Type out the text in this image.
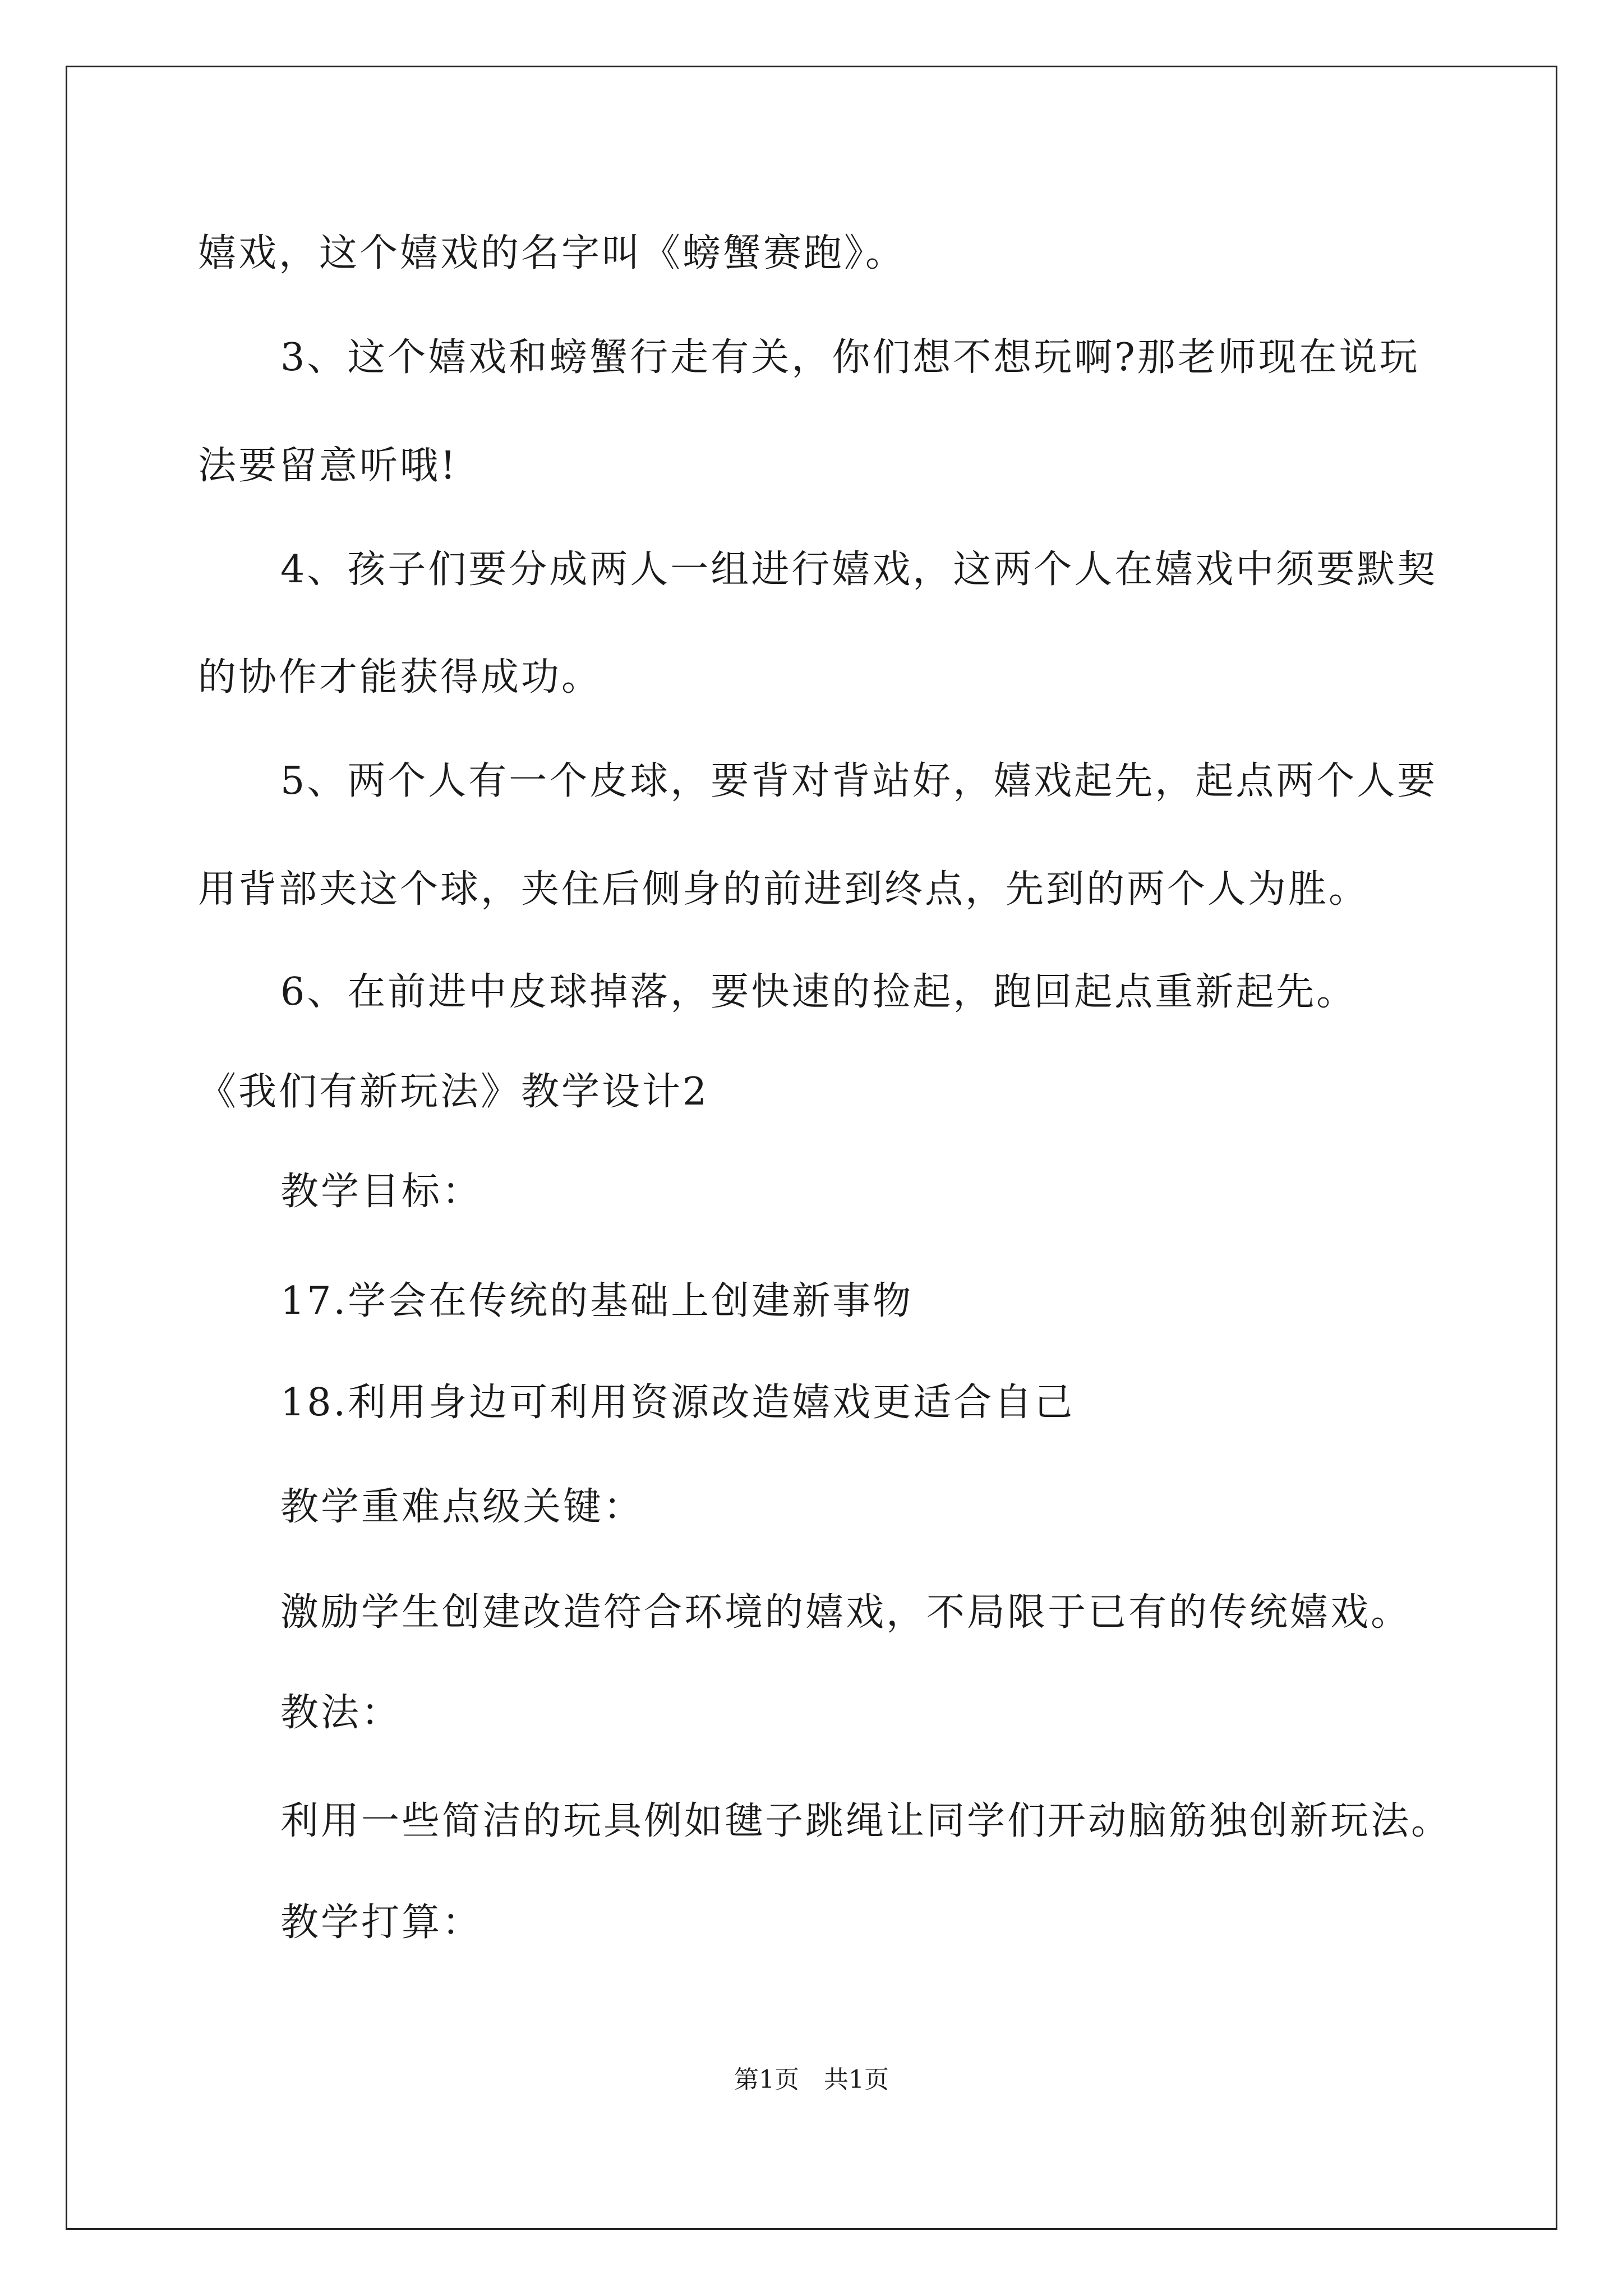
嬉戏，这个嬉戏的名字叫《螃蟹赛跑》。
3、这个嬉戏和螃蟹行走有关，你们想不想玩啊?那老师现在说玩
法要留意听哦!
4、孩子们要分成两人一组进行嬉戏，这两个人在嬉戏中须要默契
的协作才能获得成功。
5、两个人有一个皮球，要背对背站好，嬉戏起先，起点两个人要
用背部夹这个球，夹住后侧身的前进到终点，先到的两个人为胜。
6、在前进中皮球掉落，要快速的捡起，跑回起点重新起先。
《我们有新玩法》教学设计2
教学目标：
17.学会在传统的基础上创建新事物
18.利用身边可利用资源改造嬉戏更适合自己
教学重难点级关键：
激励学生创建改造符合环境的嬉戏，不局限于已有的传统嬉戏。
教法：
利用一些简洁的玩具例如毽子跳绳让同学们开动脑筋独创新玩法。
教学打算：
第1页　共1页
